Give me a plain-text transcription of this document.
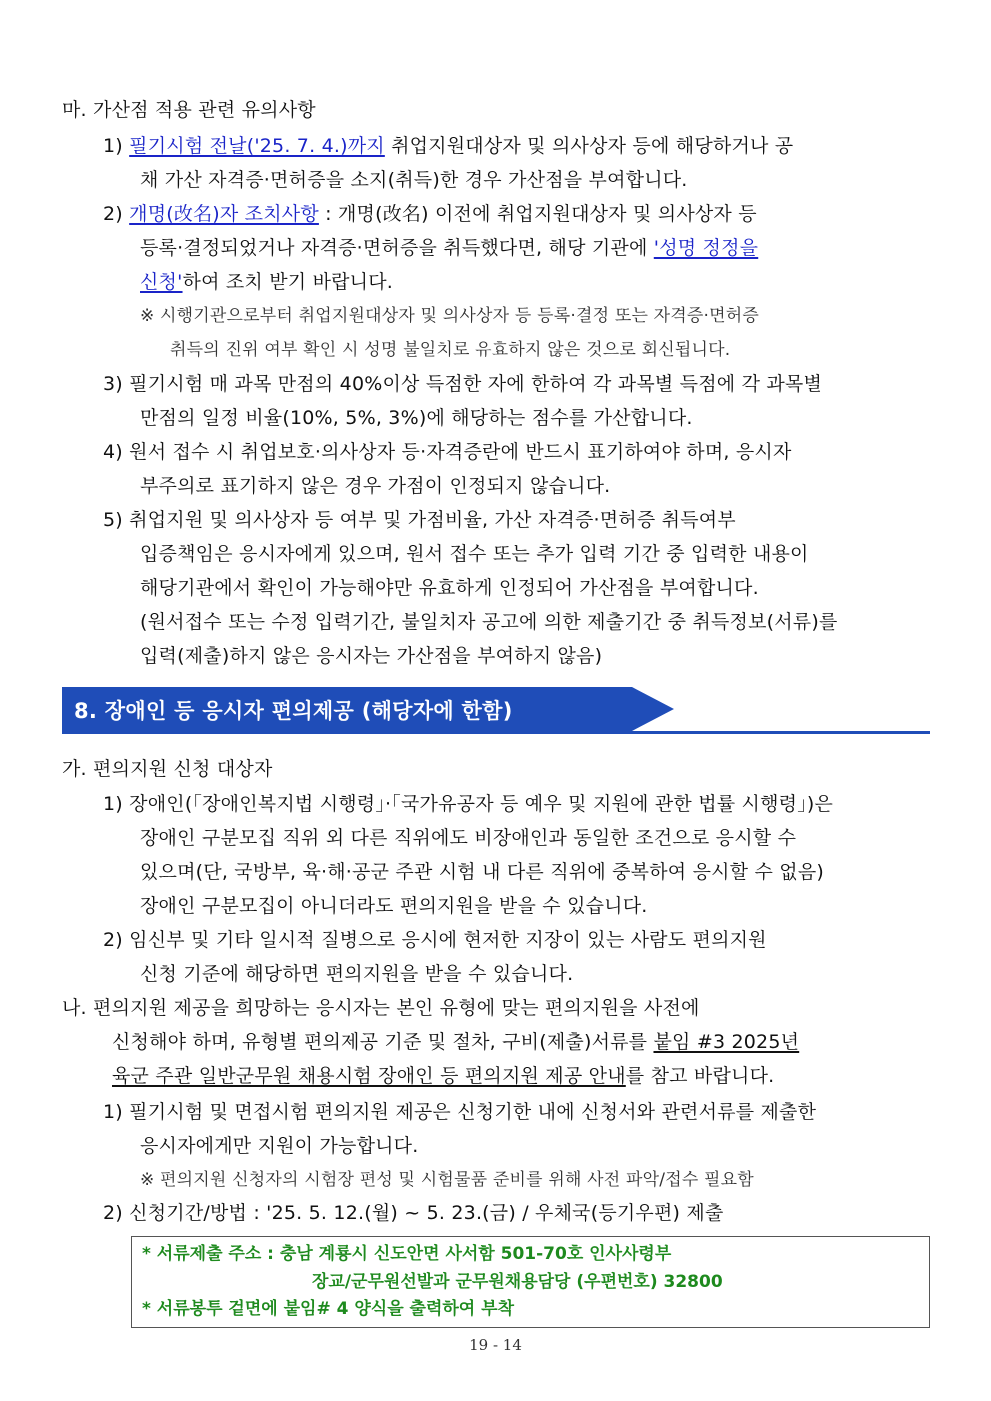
마. 가산점 적용 관련 유의사항
1) 필기시험 전날('25. 7. 4.)까지 취업지원대상자 및 의사상자 등에 해당하거나 공
채 가산 자격증·면허증을 소지(취득)한 경우 가산점을 부여합니다.
2) 개명(改名)자 조치사항 : 개명(改名) 이전에 취업지원대상자 및 의사상자 등
등록·결정되었거나 자격증·면허증을 취득했다면, 해당 기관에 '성명 정정을
신청'하여 조치 받기 바랍니다.
※ 시행기관으로부터 취업지원대상자 및 의사상자 등 등록·결정 또는 자격증·면허증
취득의 진위 여부 확인 시 성명 불일치로 유효하지 않은 것으로 회신됩니다.
3) 필기시험 매 과목 만점의 40%이상 득점한 자에 한하여 각 과목별 득점에 각 과목별
만점의 일정 비율(10%, 5%, 3%)에 해당하는 점수를 가산합니다.
4) 원서 접수 시 취업보호·의사상자 등·자격증란에 반드시 표기하여야 하며, 응시자
부주의로 표기하지 않은 경우 가점이 인정되지 않습니다.
5) 취업지원 및 의사상자 등 여부 및 가점비율, 가산 자격증·면허증 취득여부
입증책임은 응시자에게 있으며, 원서 접수 또는 추가 입력 기간 중 입력한 내용이
해당기관에서 확인이 가능해야만 유효하게 인정되어 가산점을 부여합니다.
(원서접수 또는 수정 입력기간, 불일치자 공고에 의한 제출기간 중 취득정보(서류)를
입력(제출)하지 않은 응시자는 가산점을 부여하지 않음)
8. 장애인 등 응시자 편의제공 (해당자에 한함)
가. 편의지원 신청 대상자
1) 장애인(「장애인복지법 시행령」·「국가유공자 등 예우 및 지원에 관한 법률 시행령」)은
장애인 구분모집 직위 외 다른 직위에도 비장애인과 동일한 조건으로 응시할 수
있으며(단, 국방부, 육·해·공군 주관 시험 내 다른 직위에 중복하여 응시할 수 없음)
장애인 구분모집이 아니더라도 편의지원을 받을 수 있습니다.
2) 임신부 및 기타 일시적 질병으로 응시에 현저한 지장이 있는 사람도 편의지원
신청 기준에 해당하면 편의지원을 받을 수 있습니다.
나. 편의지원 제공을 희망하는 응시자는 본인 유형에 맞는 편의지원을 사전에
신청해야 하며, 유형별 편의제공 기준 및 절차, 구비(제출)서류를 붙임 #3 2025년
육군 주관 일반군무원 채용시험 장애인 등 편의지원 제공 안내를 참고 바랍니다.
1) 필기시험 및 면접시험 편의지원 제공은 신청기한 내에 신청서와 관련서류를 제출한
응시자에게만 지원이 가능합니다.
※ 편의지원 신청자의 시험장 편성 및 시험물품 준비를 위해 사전 파악/접수 필요함
2) 신청기간/방법 : '25. 5. 12.(월) ~ 5. 23.(금) / 우체국(등기우편) 제출
* 서류제출 주소 : 충남 계룡시 신도안면 사서함 501-70호 인사사령부
장교/군무원선발과 군무원채용담당 (우편번호) 32800
* 서류봉투 겉면에 붙임# 4 양식을 출력하여 부착
19 - 14
